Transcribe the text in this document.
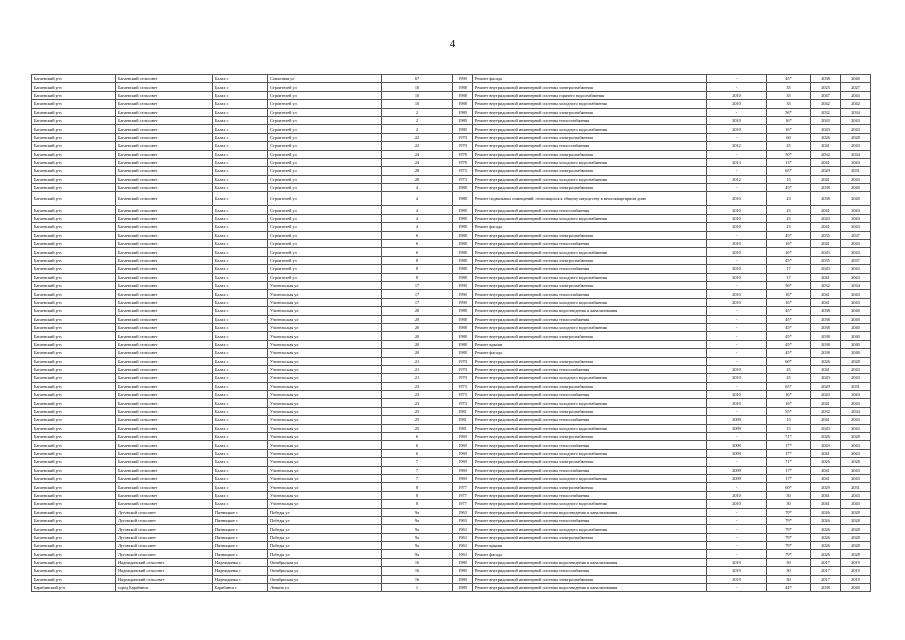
4
Багаевский р-н	Багаевский сельсовет	Балах с	Совхозная ул	67	1990	Ремонт фасада	-	45*	2038	2040
Багаевский р-н	Багаевский сельсовет	Балах с	Строителей ул	10	1988	Ремонт внутридомовой инженерной системы электроснабжения	-	35	2025	2027
Багаевский р-н	Багаевский сельсовет	Балах с	Строителей ул	10	1988	Ремонт внутридомовой инженерной системы горячего водоснабжения	2010	35	2047	2043
Багаевский р-н	Багаевский сельсовет	Балах с	Строителей ул	10	1988	Ремонт внутридомовой инженерной системы холодного водоснабжения	2010	35	2042	2042
Багаевский р-н	Багаевский сельсовет	Балах с	Строителей ул	2	1980	Ремонт внутридомовой инженерной системы электроснабжения	-	56*	2032	2034
Багаевский р-н	Багаевский сельсовет	Балах с	Строителей ул	2	1980	Ремонт внутридомовой инженерной системы теплоснабжения	2010	16*	2043	2043
Багаевский р-н	Багаевский сельсовет	Балах с	Строителей ул	2	1980	Ремонт внутридомовой инженерной системы холодного водоснабжения	2010	16*	2043	2043
Багаевский р-н	Багаевский сельсовет	Балах с	Строителей ул	22	1970	Ремонт внутридомовой инженерной системы электроснабжения	-	60	2026	2028
Багаевский р-н	Багаевский сельсовет	Балах с	Строителей ул	22	1970	Ремонт внутридомовой инженерной системы теплоснабжения	2012	25	2041	2043
Багаевский р-н	Багаевский сельсовет	Балах с	Строителей ул	24	1978	Ремонт внутридомовой инженерной системы электроснабжения	-	50*	2032	2034
Багаевский р-н	Багаевский сельсовет	Балах с	Строителей ул	24	1978	Ремонт внутридомовой инженерной системы холодного водоснабжения	2013	13*	2041	2043
Багаевский р-н	Багаевский сельсовет	Балах с	Строителей ул	28	1973	Ремонт внутридомовой инженерной системы электроснабжения	-	65*	2029	2031
Багаевский р-н	Багаевский сельсовет	Балах с	Строителей ул	28	1973	Ремонт внутридомовой инженерной системы холодного водоснабжения	2012	15	2041	2043
Багаевский р-н	Багаевский сельсовет	Балах с	Строителей ул	4	1988	Ремонт внутридомовой инженерной системы электроснабжения	-	45*	2038	2040
Багаевский р-н	Багаевский сельсовет	Балах с	Строителей ул	4	1988	Ремонт подвальных помещений, относящихся к общему имуществу в многоквартирном доме	2010	23	2038	2040
Багаевский р-н	Багаевский сельсовет	Балах с	Строителей ул	4	1988	Ремонт внутридомовой инженерной системы теплоснабжения	2010	23	2041	2043
Багаевский р-н	Багаевский сельсовет	Балах с	Строителей ул	4	1988	Ремонт внутридомовой инженерной системы холодного водоснабжения	2010	23	2043	2043
Багаевский р-н	Багаевский сельсовет	Балах с	Строителей ул	4	1988	Ремонт фасада	2010	23	2041	2043
Багаевский р-н	Багаевский сельсовет	Балах с	Строителей ул	6	1988	Ремонт внутридомовой инженерной системы электроснабжения	-	45*	2035	2037
Багаевский р-н	Багаевский сельсовет	Балах с	Строителей ул	6	1988	Ремонт внутридомовой инженерной системы теплоснабжения	2010	16*	2041	2043
Багаевский р-н	Багаевский сельсовет	Балах с	Строителей ул	6	1988	Ремонт внутридомовой инженерной системы холодного водоснабжения	2010	16*	2043	2043
Багаевский р-н	Багаевский сельсовет	Балах с	Строителей ул	8	1988	Ремонт внутридомовой инженерной системы электроснабжения	-	45*	2035	2037
Багаевский р-н	Багаевский сельсовет	Балах с	Строителей ул	8	1988	Ремонт внутридомовой инженерной системы теплоснабжения	2010	17	2043	2043
Багаевский р-н	Багаевский сельсовет	Балах с	Строителей ул	8	1988	Ремонт внутридомовой инженерной системы холодного водоснабжения	2010	17	2041	2043
Багаевский р-н	Багаевский сельсовет	Балах с	Учительская ул	17	1990	Ремонт внутридомовой инженерной системы электроснабжения	-	56*	2032	2034
Багаевский р-н	Багаевский сельсовет	Балах с	Учительская ул	17	1990	Ремонт внутридомовой инженерной системы теплоснабжения	2010	16*	2041	2043
Багаевский р-н	Багаевский сельсовет	Балах с	Учительская ул	17	1990	Ремонт внутридомовой инженерной системы холодного водоснабжения	2010	16*	2041	2043
Багаевский р-н	Багаевский сельсовет	Балах с	Учительская ул	20	1988	Ремонт внутридомовой инженерной системы водоотведения и канализования	-	45*	2038	2040
Багаевский р-н	Багаевский сельсовет	Балах с	Учительская ул	20	1988	Ремонт внутридомовой инженерной системы теплоснабжения	-	45*	2038	2040
Багаевский р-н	Багаевский сельсовет	Балах с	Учительская ул	20	1988	Ремонт внутридомовой инженерной системы холодного водоснабжения	-	45*	2038	2040
Багаевский р-н	Багаевский сельсовет	Балах с	Учительская ул	20	1988	Ремонт внутридомовой инженерной системы электроснабжения	-	45*	2038	2040
Багаевский р-н	Багаевский сельсовет	Балах с	Учительская ул	20	1988	Ремонт крыши	-	45*	2038	2040
Багаевский р-н	Багаевский сельсовет	Балах с	Учительская ул	20	1988	Ремонт фасада	-	45*	2038	2040
Багаевский р-н	Багаевский сельсовет	Балах с	Учительская ул	21	1970	Ремонт внутридомовой инженерной системы электроснабжения	-	60*	2026	2028
Багаевский р-н	Багаевский сельсовет	Балах с	Учительская ул	21	1970	Ремонт внутридомовой инженерной системы теплоснабжения	2010	25	2041	2043
Багаевский р-н	Багаевский сельсовет	Балах с	Учительская ул	21	1970	Ремонт внутридомовой инженерной системы холодного водоснабжения	2010	25	2043	2043
Багаевский р-н	Багаевский сельсовет	Балах с	Учительская ул	23	1973	Ремонт внутридомовой инженерной системы электроснабжения	-	65*	2029	2031
Багаевский р-н	Багаевский сельсовет	Балах с	Учительская ул	23	1973	Ремонт внутридомовой инженерной системы теплоснабжения	2010	16*	2043	2043
Багаевский р-н	Багаевский сельсовет	Балах с	Учительская ул	23	1973	Ремонт внутридомовой инженерной системы холодного водоснабжения	2010	16*	2041	2043
Багаевский р-н	Багаевский сельсовет	Балах с	Учительская ул	25	1981	Ремонт внутридомовой инженерной системы электроснабжения	-	55*	2032	2034
Багаевский р-н	Багаевский сельсовет	Балах с	Учительская ул	25	1981	Ремонт внутридомовой инженерной системы теплоснабжения	2009	15	2041	2043
Багаевский р-н	Багаевский сельсовет	Балах с	Учительская ул	25	1981	Ремонт внутридомовой инженерной системы холодного водоснабжения	2009	15	2043	2043
Багаевский р-н	Багаевский сельсовет	Балах с	Учительская ул	6	1969	Ремонт внутридомовой инженерной системы электроснабжения	-	71*	2026	2028
Багаевский р-н	Багаевский сельсовет	Балах с	Учительская ул	6	1969	Ремонт внутридомовой инженерной системы теплоснабжения	2009	17*	2043	2043
Багаевский р-н	Багаевский сельсовет	Балах с	Учительская ул	6	1969	Ремонт внутридомовой инженерной системы холодного водоснабжения	2009	17*	2041	2043
Багаевский р-н	Багаевский сельсовет	Балах с	Учительская ул	7	1969	Ремонт внутридомовой инженерной системы электроснабжения	-	71*	2026	2028
Багаевский р-н	Багаевский сельсовет	Балах с	Учительская ул	7	1969	Ремонт внутридомовой инженерной системы теплоснабжения	2009	17*	2041	2043
Багаевский р-н	Багаевский сельсовет	Балах с	Учительская ул	7	1969	Ремонт внутридомовой инженерной системы холодного водоснабжения	2009	17*	2041	2043
Багаевский р-н	Багаевский сельсовет	Балах с	Учительская ул	8	1977	Ремонт внутридомовой инженерной системы электроснабжения	-	60*	2029	2031
Багаевский р-н	Багаевский сельсовет	Балах с	Учительская ул	8	1977	Ремонт внутридомовой инженерной системы теплоснабжения	2010	30	2041	2043
Багаевский р-н	Багаевский сельсовет	Балах с	Учительская ул	8	1977	Ремонт внутридомовой инженерной системы холодного водоснабжения	2010	30	2041	2043
Багаевский р-н	Луговской сельсовет	Пятницкое с	Победы ул	9а	1963	Ремонт внутридомовой инженерной системы водоотведения и канализования	-	79*	2026	2028
Багаевский р-н	Луговской сельсовет	Пятницкое с	Победы ул	9а	1963	Ремонт внутридомовой инженерной системы теплоснабжения	-	79*	2026	2028
Багаевский р-н	Луговской сельсовет	Пятницкое с	Победы ул	9а	1963	Ремонт внутридомовой инженерной системы холодного водоснабжения	-	79*	2026	2028
Багаевский р-н	Луговской сельсовет	Пятницкое с	Победы ул	9а	1963	Ремонт внутридомовой инженерной системы электроснабжения	-	79*	2026	2028
Багаевский р-н	Луговской сельсовет	Пятницкое с	Победы ул	9а	1963	Ремонт крыши	-	79*	2026	2028
Багаевский р-н	Луговской сельсовет	Пятницкое с	Победы ул	9а	1963	Ремонт фасада	-	79*	2026	2028
Багаевский р-н	Надеждинский сельсовет	Надеждинка с	Октябрьская ул	16	1980	Ремонт внутридомовой инженерной системы водоотведения и канализования	2019	30	2017	2019
Багаевский р-н	Надеждинский сельсовет	Надеждинка с	Октябрьская ул	16	1980	Ремонт внутридомовой инженерной системы теплоснабжения	2019	30	2017	2019
Багаевский р-н	Надеждинский сельсовет	Надеждинка с	Октябрьская ул	16	1980	Ремонт внутридомовой инженерной системы электроснабжения	2019	30	2017	2019
Барабинский р-н	город Барабинск	Барабинск г	Ленина ул	1	1989	Ремонт внутридомовой инженерной системы водоотведения и канализования	-	44*	2038	2040
